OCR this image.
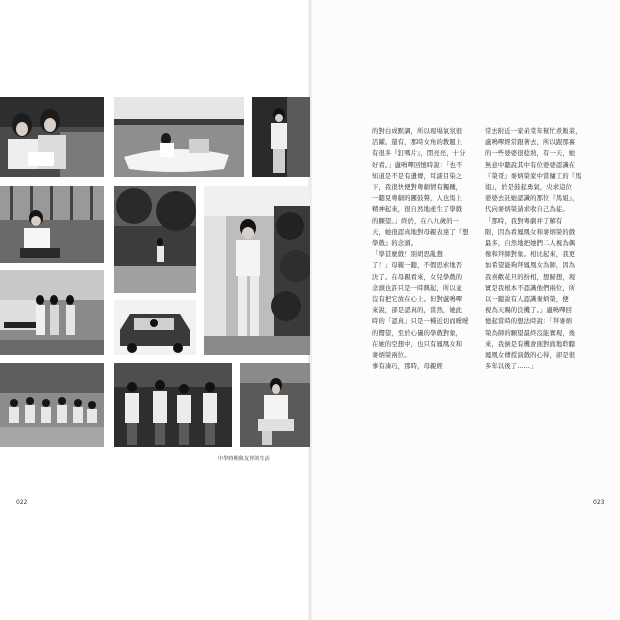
中學時期與友伴的生活
022	023

的對白成默調，所以現場氣氛很

活躍。還有，那時女角的教題上

有很多『釘嗎片』，閔亮亮，十分

好看。」盧鳴嗶回憶時說：「也不

知道是不是有遺傳，耳濡目染之

下，我很快便對粵劇情有獨鍾，

一聽見粵劇的鑼鼓聲，人也馬上

精神起來，很自然地產生了學戲

的願望。」終於，在八九歲的一

天，她很認真地對母親表達了『想

學戲』的念頭。

「學甚麼戲！別胡思亂想

了！」母親一聽，不假思索地否

決了。在母親看來，女兒學戲的

念頭也許只是一時興起，所以並

沒有把它放在心上。但對盧鳴嗶

來說，卻是認真的，當然，她此

時的「認真」只是一種近切而曖曖

的嚮望，至於心儀的學戲對象，

在她的空想中，也只有鳳凰女和

麥炳榮兩位。

事有湊巧，那時，母親經

常去附近一家弟棠年幫忙煮飯菜，

盧鳴嗶經常跟著去，所以跟那裏

的一些婆婆很稔熟，有一天，她

無意中聽說其中有位婆婆認識在

『榮哥』麥炳榮家中當傭工的『馬

姐』，於是鼓起勇氣，央求這位

婆婆去託她認識的那位『馬姐』，

代向麥炳榮請求收自己為徒。

「那時，我對粵劇并了解有

限，因為看鳳凰女和麥炳榮的戲

最多，自然地把她們二人視為偶

像和拜師對象。相比起來，我更

加希望能夠拜鳳凰女為師，因為

我喜歡花旦的扮相，想歸想，現

實是我根本不認識他們兩位，所

以一聽說有人認識麥炳榮，便

視為天賜的良機了。」盧鳴嗶回

憶起當時的想法時說：「拜麥炳

榮為師的願望最終沒能實現，後

來，我倒是有機會面對面地聆聽

鳳凰女傳授演戲的心得，卻是很

多年以後了……」
